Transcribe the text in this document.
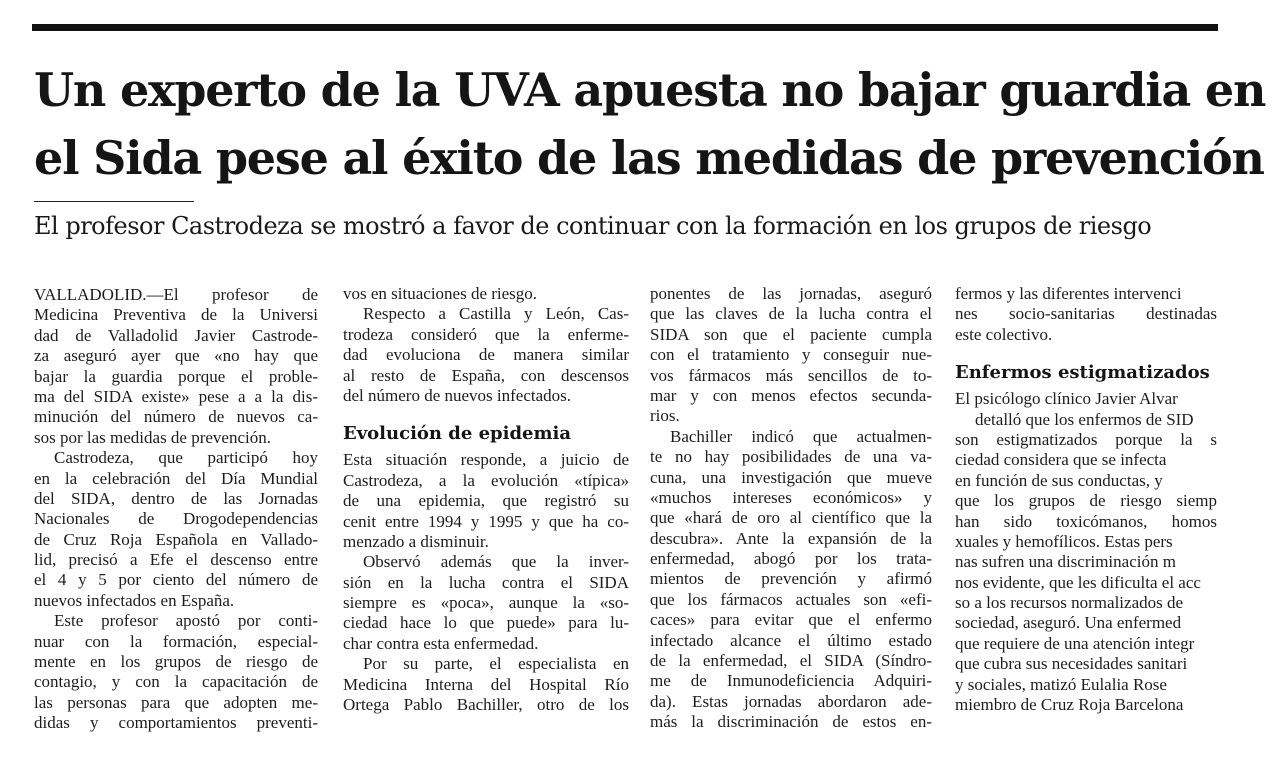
Un experto de la UVA apuesta no bajar guardia en
el Sida pese al éxito de las medidas de prevención

El profesor Castrodeza se mostró a favor de continuar con la formación en los grupos de riesgo

VALLADOLID.—El profesor de
Medicina Preventiva de la Universi
dad de Valladolid Javier Castrode-
za aseguró ayer que «no hay que
bajar la guardia porque el proble-
ma del SIDA existe» pese a a la dis-
minución del número de nuevos ca-
sos por las medidas de prevención.
Castrodeza, que participó hoy
en la celebración del Día Mundial
del SIDA, dentro de las Jornadas
Nacionales de Drogodependencias
de Cruz Roja Española en Vallado-
lid, precisó a Efe el descenso entre
el 4 y 5 por ciento del número de
nuevos infectados en España.
Este profesor apostó por conti-
nuar con la formación, especial-
mente en los grupos de riesgo de
contagio, y con la capacitación de
las personas para que adopten me-
didas y comportamientos preventi-
vos en situaciones de riesgo.
Respecto a Castilla y León, Cas-
trodeza consideró que la enferme-
dad evoluciona de manera similar
al resto de España, con descensos
del número de nuevos infectados.
Evolución de epidemia
Esta situación responde, a juicio de
Castrodeza, a la evolución «típica»
de una epidemia, que registró su
cenit entre 1994 y 1995 y que ha co-
menzado a disminuir.
Observó además que la inver-
sión en la lucha contra el SIDA
siempre es «poca», aunque la «so-
ciedad hace lo que puede» para lu-
char contra esta enfermedad.
Por su parte, el especialista en
Medicina Interna del Hospital Río
Ortega Pablo Bachiller, otro de los
ponentes de las jornadas, aseguró
que las claves de la lucha contra el
SIDA son que el paciente cumpla
con el tratamiento y conseguir nue-
vos fármacos más sencillos de to-
mar y con menos efectos secunda-
rios.
Bachiller indicó que actualmen-
te no hay posibilidades de una va-
cuna, una investigación que mueve
«muchos intereses económicos» y
que «hará de oro al científico que la
descubra». Ante la expansión de la
enfermedad, abogó por los trata-
mientos de prevención y afirmó
que los fármacos actuales son «efi-
caces» para evitar que el enfermo
infectado alcance el último estado
de la enfermedad, el SIDA (Síndro-
me de Inmunodeficiencia Adquiri-
da). Estas jornadas abordaron ade-
más la discriminación de estos en-
fermos y las diferentes intervenci
nes socio-sanitarias destinadas
este colectivo.
Enfermos estigmatizados
El psicólogo clínico Javier Alvar
detalló que los enfermos de SID
son estigmatizados porque la s
ciedad considera que se infecta
en función de sus conductas, y
que los grupos de riesgo siemp
han sido toxicómanos, homos
xuales y hemofílicos. Estas pers
nas sufren una discriminación m
nos evidente, que les dificulta el acc
so a los recursos normalizados de
sociedad, aseguró. Una enfermed
que requiere de una atención integr
que cubra sus necesidades sanitari
y sociales, matizó Eulalia Rose
miembro de Cruz Roja Barcelona
